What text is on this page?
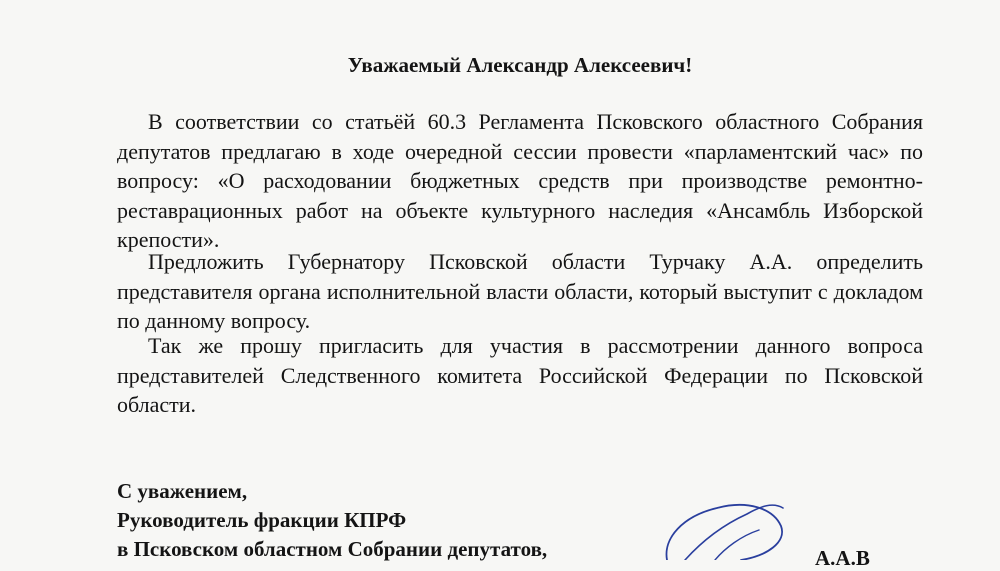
Уважаемый Александр Алексеевич!
В соответствии со статьёй 60.3 Регламента Псковского областного Собрания депутатов предлагаю в ходе очередной сессии провести «парламентский час» по вопросу: «О расходовании бюджетных средств при производстве ремонтно-реставрационных работ на объекте культурного наследия «Ансамбль Изборской крепости».
Предложить Губернатору Псковской области Турчаку А.А. определить представителя органа исполнительной власти области, который выступит с докладом по данному вопросу.
Так же прошу пригласить для участия в рассмотрении данного вопроса представителей Следственного комитета Российской Федерации по Псковской области.
С уважением,
Руководитель фракции КПРФ
в Псковском областном Собрании депутатов,	А.А.В
